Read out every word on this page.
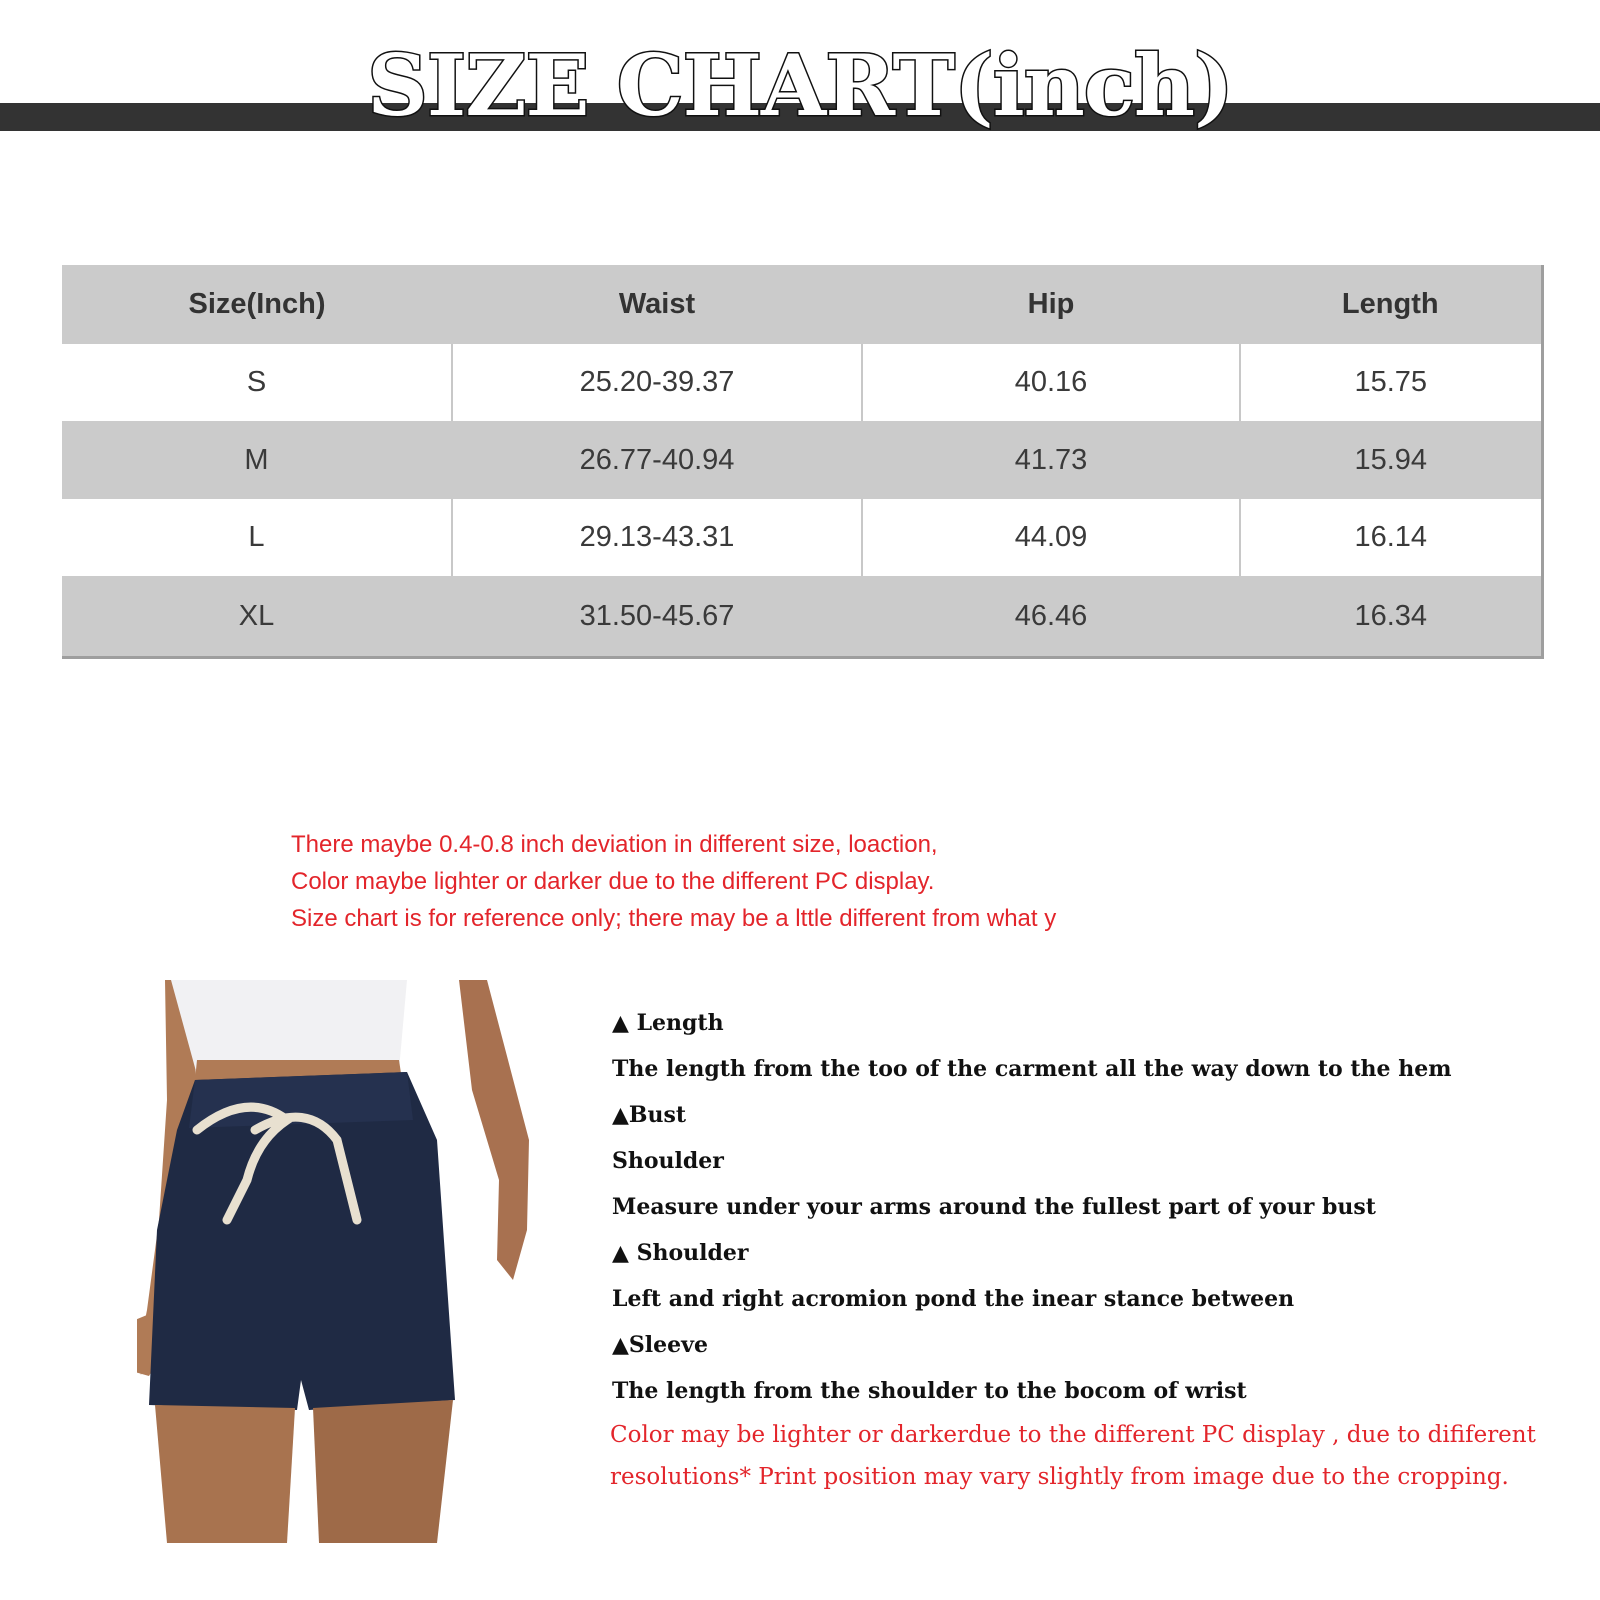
SIZE CHART(inch)
Size(Inch)	Waist	Hip	Length
S	25.20-39.37	40.16	15.75
M	26.77-40.94	41.73	15.94
L	29.13-43.31	44.09	16.14
XL	31.50-45.67	46.46	16.34
There maybe 0.4-0.8 inch deviation in different size, loaction,
Color maybe lighter or darker due to the different PC display.
Size chart is for reference only; there may be a lttle different from what y
▲ Length
The length from the too of the carment all the way down to the hem
▲Bust
Shoulder
Measure under your arms around the fullest part of your bust
▲ Shoulder
Left and right acromion pond the inear stance between
▲Sleeve
The length from the shoulder to the bocom of wrist
Color may be lighter or darkerdue to the different PC display , due to dififerent
resolutions* Print position may vary slightly from image due to the cropping.
